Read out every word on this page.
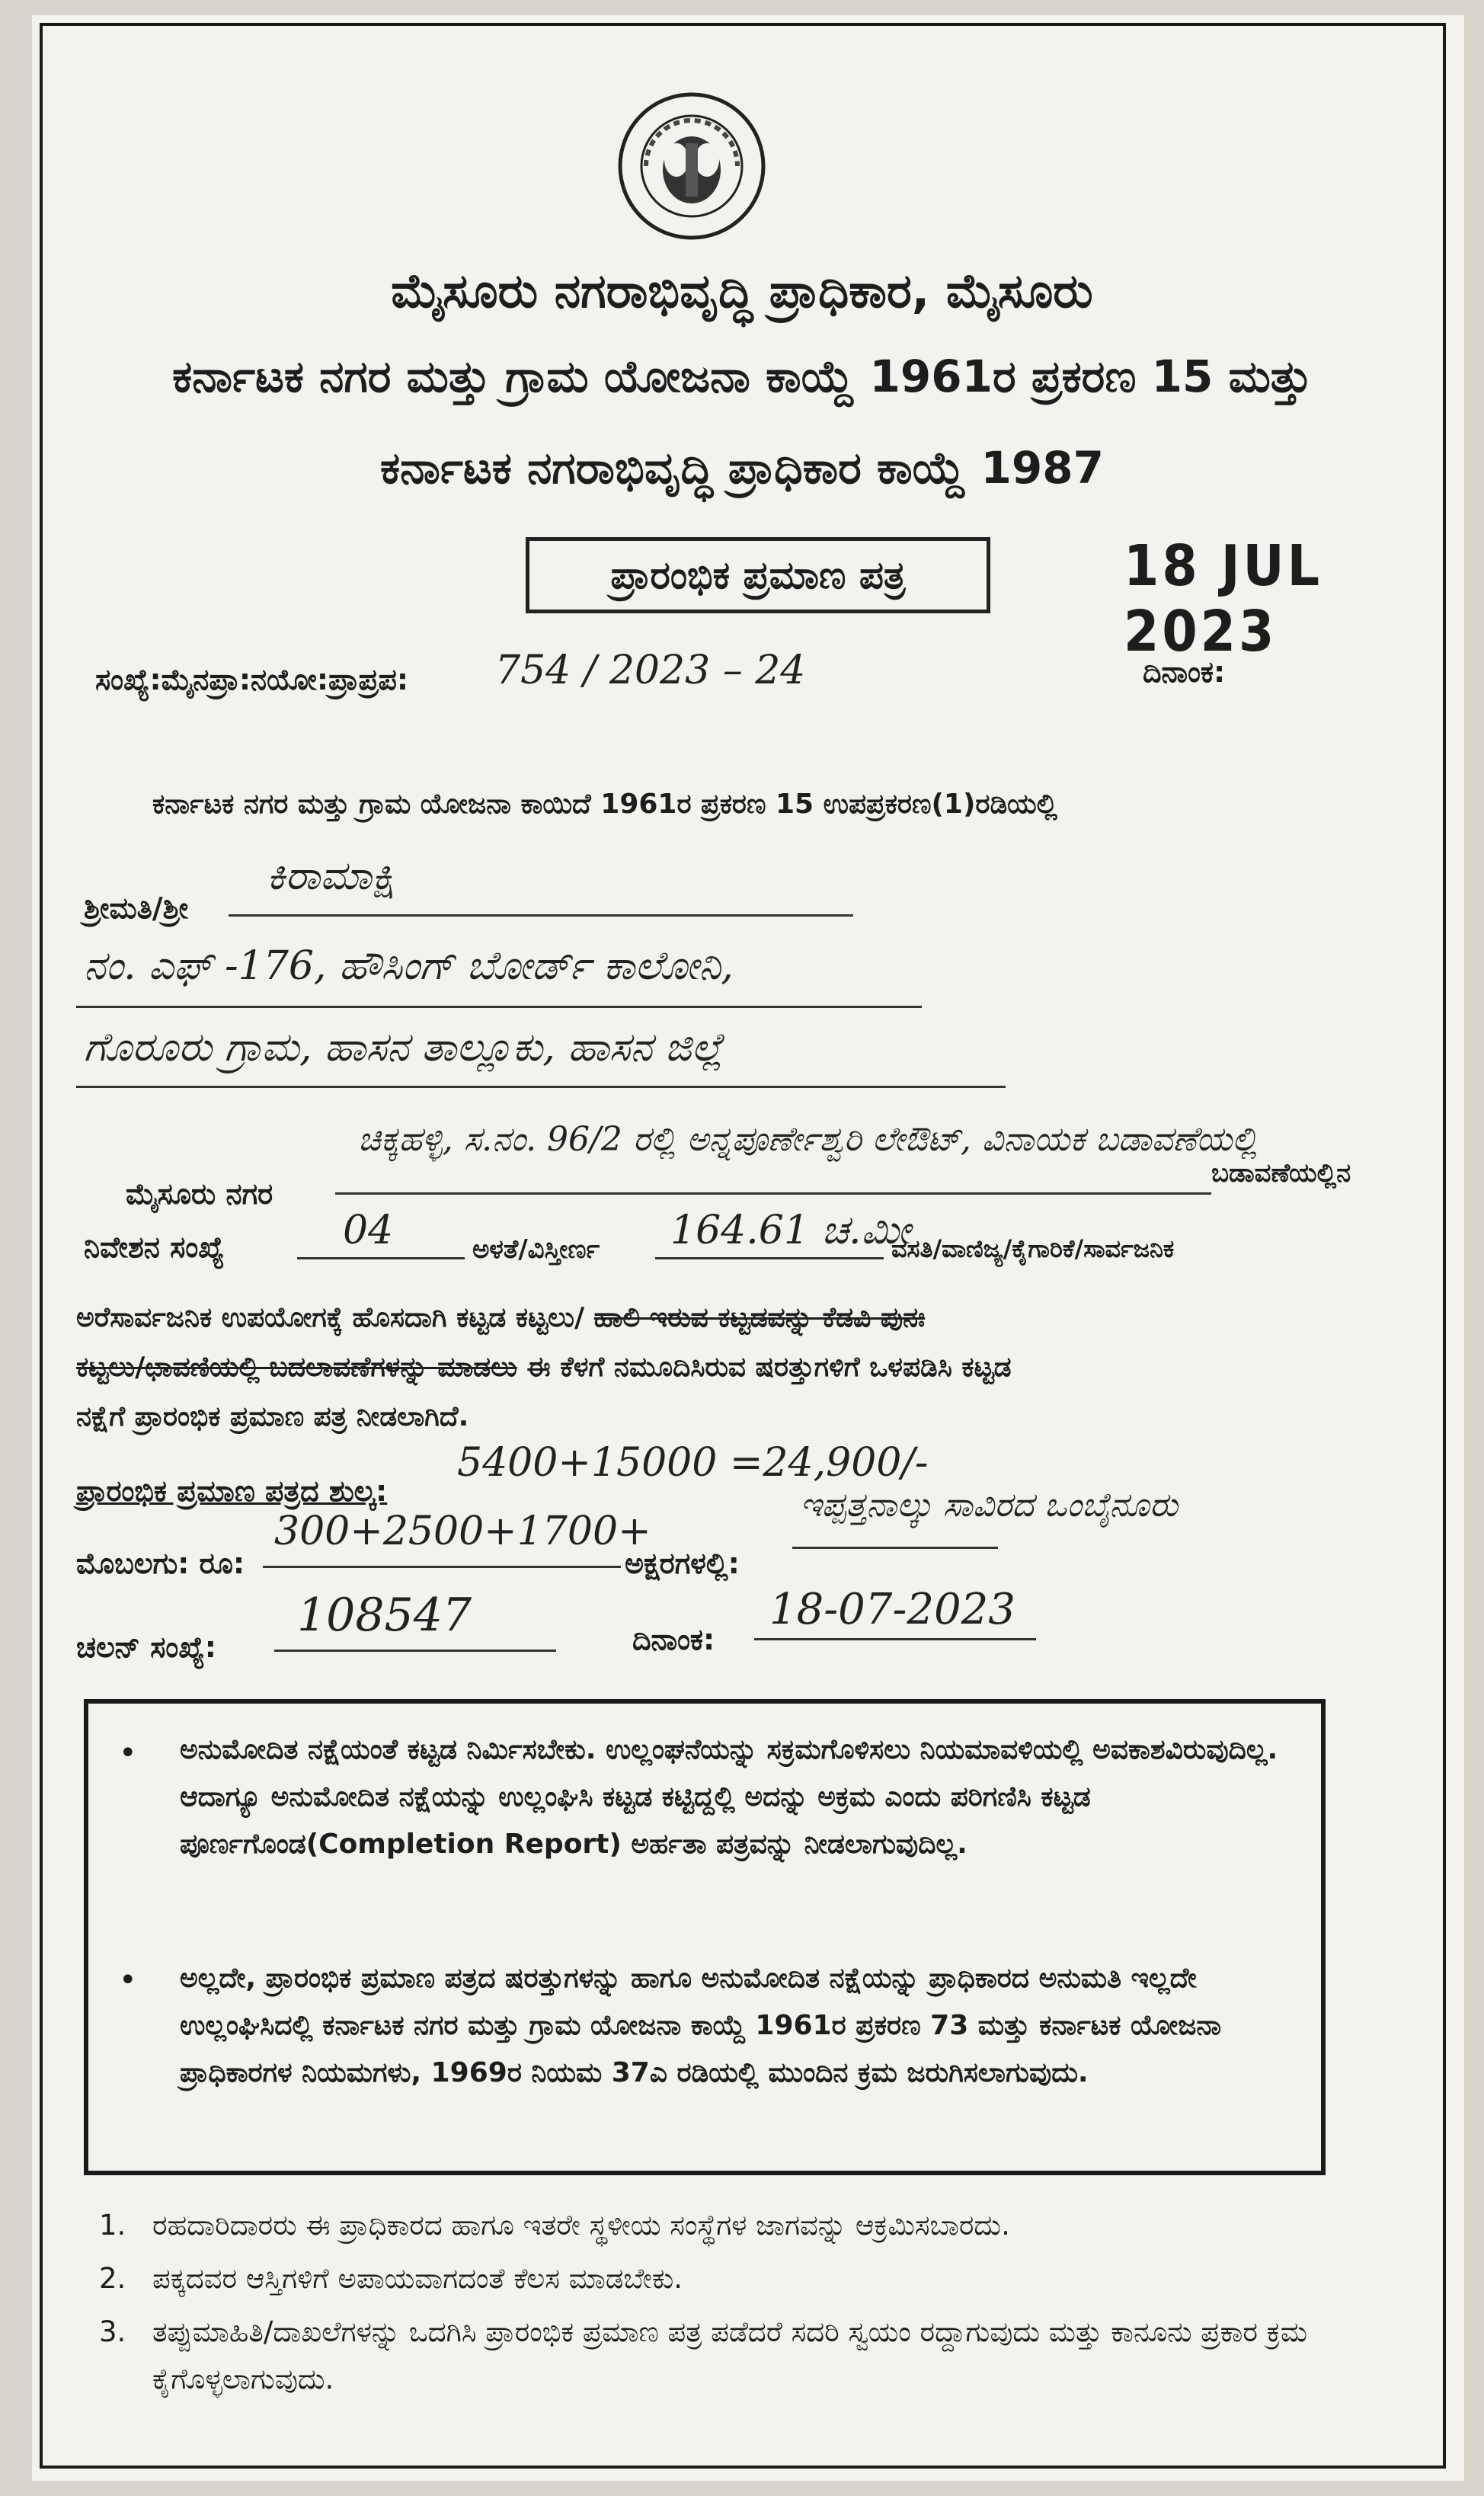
ಮೈಸೂರು ನಗರಾಭಿವೃದ್ಧಿ ಪ್ರಾಧಿಕಾರ, ಮೈಸೂರು
ಕರ್ನಾಟಕ ನಗರ ಮತ್ತು ಗ್ರಾಮ ಯೋಜನಾ ಕಾಯ್ದೆ 1961ರ ಪ್ರಕರಣ 15 ಮತ್ತು
ಕರ್ನಾಟಕ ನಗರಾಭಿವೃದ್ಧಿ ಪ್ರಾಧಿಕಾರ ಕಾಯ್ದೆ 1987
ಪ್ರಾರಂಭಿಕ ಪ್ರಮಾಣ ಪತ್ರ	18 JUL 2023
ಸಂಖ್ಯೆ:ಮೈನಪ್ರಾ:ನಯೋ:ಪ್ರಾಪ್ರಪ: 754 / 2023 – 24	ದಿನಾಂಕ:
ಕರ್ನಾಟಕ ನಗರ ಮತ್ತು ಗ್ರಾಮ ಯೋಜನಾ ಕಾಯಿದೆ 1961ರ ಪ್ರಕರಣ 15 ಉಪಪ್ರಕರಣ(1)ರಡಿಯಲ್ಲಿ
ಶ್ರೀಮತಿ/ಶ್ರೀ
ಕಿರಾಮಾಕ್ಷಿ
ನಂ. ಎಫ್ -176, ಹೌಸಿಂಗ್ ಬೋರ್ಡ್ ಕಾಲೋನಿ,
ಗೊರೂರು ಗ್ರಾಮ, ಹಾಸನ ತಾಲ್ಲೂಕು, ಹಾಸನ ಜಿಲ್ಲೆ
ಮೈಸೂರು ನಗರ
ಚಿಕ್ಕಹಳ್ಳಿ, ಸ.ನಂ. 96/2 ರಲ್ಲಿ ಅನ್ನಪೂರ್ಣೇಶ್ವರಿ ಲೇಔಟ್, ವಿನಾಯಕ ಬಡಾವಣೆಯಲ್ಲಿ
ಬಡಾವಣೆಯಲ್ಲಿನ
ನಿವೇಶನ ಸಂಖ್ಯೆ	04	ಅಳತೆ/ವಿಸ್ತೀರ್ಣ 164.61 ಚ.ಮೀ
ವಸತಿ/ವಾಣಿಜ್ಯ/ಕೈಗಾರಿಕೆ/ಸಾರ್ವಜನಿಕ
ಅರೆಸಾರ್ವಜನಿಕ ಉಪಯೋಗಕ್ಕೆ ಹೊಸದಾಗಿ ಕಟ್ಟಡ ಕಟ್ಟಲು/ ಹಾಲಿ ಇರುವ ಕಟ್ಟಡವನ್ನು ಕೆಡವಿ ಪುನಃ
ಕಟ್ಟಲು/ಛಾವಣಿಯಲ್ಲಿ ಬದಲಾವಣೆಗಳನ್ನು ಮಾಡಲು ಈ ಕೆಳಗೆ ನಮೂದಿಸಿರುವ ಷರತ್ತುಗಳಿಗೆ ಒಳಪಡಿಸಿ ಕಟ್ಟಡ
ನಕ್ಷೆಗೆ ಪ್ರಾರಂಭಿಕ ಪ್ರಮಾಣ ಪತ್ರ ನೀಡಲಾಗಿದೆ.
ಪ್ರಾರಂಭಿಕ ಪ್ರಮಾಣ ಪತ್ರದ ಶುಲ್ಕ:
5400+15000 =24,900/-
ಮೊಬಲಗು: ರೂ:
300+2500+1700+
ಅಕ್ಷರಗಳಲ್ಲಿ:
ಇಪ್ಪತ್ತನಾಲ್ಕು ಸಾವಿರದ ಒಂಬೈನೂರು
ಚಲನ್ ಸಂಖ್ಯೆ:
108547	ದಿನಾಂಕ:
18-07-2023
• ಅನುಮೋದಿತ ನಕ್ಷೆಯಂತೆ ಕಟ್ಟಡ ನಿರ್ಮಿಸಬೇಕು. ಉಲ್ಲಂಘನೆಯನ್ನು ಸಕ್ರಮಗೊಳಿಸಲು ನಿಯಮಾವಳಿಯಲ್ಲಿ ಅವಕಾಶವಿರುವುದಿಲ್ಲ. ಆದಾಗ್ಯೂ ಅನುಮೋದಿತ ನಕ್ಷೆಯನ್ನು ಉಲ್ಲಂಘಿಸಿ ಕಟ್ಟಡ ಕಟ್ಟಿದ್ದಲ್ಲಿ ಅದನ್ನು ಅಕ್ರಮ ಎಂದು ಪರಿಗಣಿಸಿ ಕಟ್ಟಡ ಪೂರ್ಣಗೊಂಡ(Completion Report) ಅರ್ಹತಾ ಪತ್ರವನ್ನು ನೀಡಲಾಗುವುದಿಲ್ಲ.
• ಅಲ್ಲದೇ, ಪ್ರಾರಂಭಿಕ ಪ್ರಮಾಣ ಪತ್ರದ ಷರತ್ತುಗಳನ್ನು ಹಾಗೂ ಅನುಮೋದಿತ ನಕ್ಷೆಯನ್ನು ಪ್ರಾಧಿಕಾರದ ಅನುಮತಿ ಇಲ್ಲದೇ ಉಲ್ಲಂಘಿಸಿದಲ್ಲಿ ಕರ್ನಾಟಕ ನಗರ ಮತ್ತು ಗ್ರಾಮ ಯೋಜನಾ ಕಾಯ್ದೆ 1961ರ ಪ್ರಕರಣ 73 ಮತ್ತು ಕರ್ನಾಟಕ ಯೋಜನಾ ಪ್ರಾಧಿಕಾರಗಳ ನಿಯಮಗಳು, 1969ರ ನಿಯಮ 37ಎ ರಡಿಯಲ್ಲಿ ಮುಂದಿನ ಕ್ರಮ ಜರುಗಿಸಲಾಗುವುದು.
1. ರಹದಾರಿದಾರರು ಈ ಪ್ರಾಧಿಕಾರದ ಹಾಗೂ ಇತರೇ ಸ್ಥಳೀಯ ಸಂಸ್ಥೆಗಳ ಜಾಗವನ್ನು ಆಕ್ರಮಿಸಬಾರದು.
2. ಪಕ್ಕದವರ ಆಸ್ತಿಗಳಿಗೆ ಅಪಾಯವಾಗದಂತೆ ಕೆಲಸ ಮಾಡಬೇಕು.
3. ತಪ್ಪುಮಾಹಿತಿ/ದಾಖಲೆಗಳನ್ನು ಒದಗಿಸಿ ಪ್ರಾರಂಭಿಕ ಪ್ರಮಾಣ ಪತ್ರ ಪಡೆದರೆ ಸದರಿ ಸ್ವಯಂ ರದ್ದಾಗುವುದು ಮತ್ತು ಕಾನೂನು ಪ್ರಕಾರ ಕ್ರಮ ಕೈಗೊಳ್ಳಲಾಗುವುದು.
